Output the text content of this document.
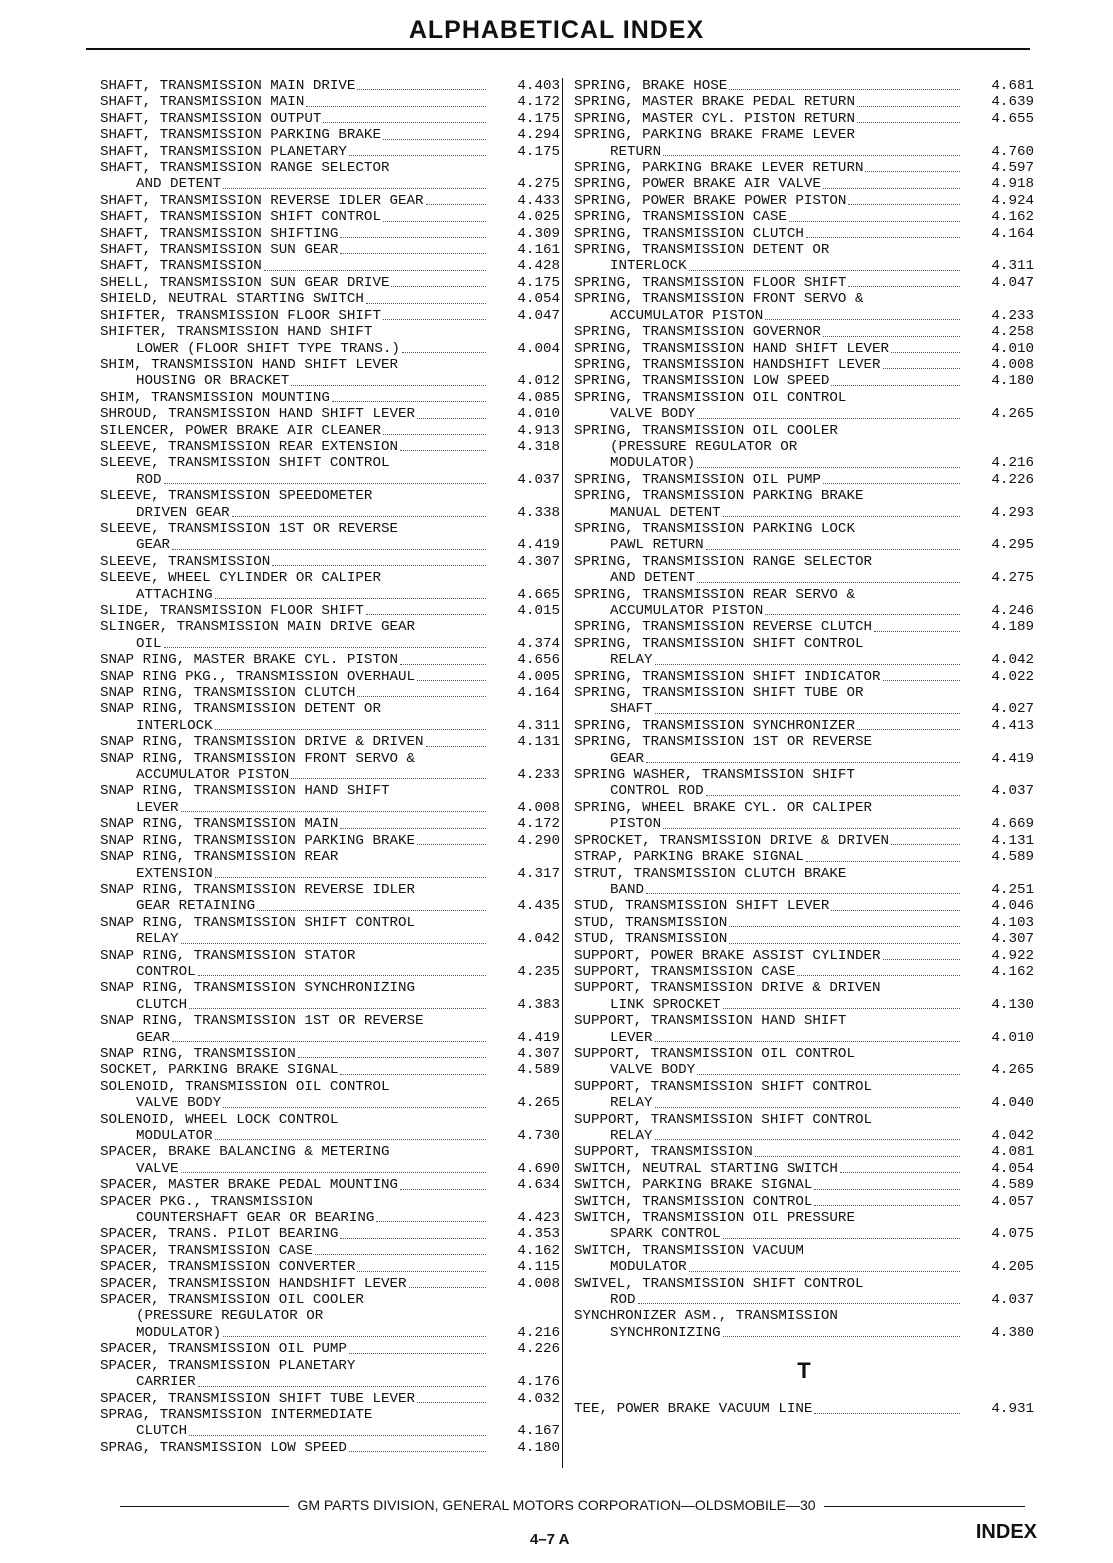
ALPHABETICAL INDEX
SHAFT, TRANSMISSION MAIN DRIVE	4.403
SHAFT, TRANSMISSION MAIN	4.172
SHAFT, TRANSMISSION OUTPUT	4.175
SHAFT, TRANSMISSION PARKING BRAKE	4.294
SHAFT, TRANSMISSION PLANETARY	4.175
SHAFT, TRANSMISSION RANGE SELECTOR
AND DETENT	4.275
SHAFT, TRANSMISSION REVERSE IDLER GEAR	4.433
SHAFT, TRANSMISSION SHIFT CONTROL	4.025
SHAFT, TRANSMISSION SHIFTING	4.309
SHAFT, TRANSMISSION SUN GEAR	4.161
SHAFT, TRANSMISSION	4.428
SHELL, TRANSMISSION SUN GEAR DRIVE	4.175
SHIELD, NEUTRAL STARTING SWITCH	4.054
SHIFTER, TRANSMISSION FLOOR SHIFT	4.047
SHIFTER, TRANSMISSION HAND SHIFT
LOWER (FLOOR SHIFT TYPE TRANS.)	4.004
SHIM, TRANSMISSION HAND SHIFT LEVER
HOUSING OR BRACKET	4.012
SHIM, TRANSMISSION MOUNTING	4.085
SHROUD, TRANSMISSION HAND SHIFT LEVER	4.010
SILENCER, POWER BRAKE AIR CLEANER	4.913
SLEEVE, TRANSMISSION REAR EXTENSION	4.318
SLEEVE, TRANSMISSION SHIFT CONTROL
ROD	4.037
SLEEVE, TRANSMISSION SPEEDOMETER
DRIVEN GEAR	4.338
SLEEVE, TRANSMISSION 1ST OR REVERSE
GEAR	4.419
SLEEVE, TRANSMISSION	4.307
SLEEVE, WHEEL CYLINDER OR CALIPER
ATTACHING	4.665
SLIDE, TRANSMISSION FLOOR SHIFT	4.015
SLINGER, TRANSMISSION MAIN DRIVE GEAR
OIL	4.374
SNAP RING, MASTER BRAKE CYL. PISTON	4.656
SNAP RING PKG., TRANSMISSION OVERHAUL	4.005
SNAP RING, TRANSMISSION CLUTCH	4.164
SNAP RING, TRANSMISSION DETENT OR
INTERLOCK	4.311
SNAP RING, TRANSMISSION DRIVE & DRIVEN	4.131
SNAP RING, TRANSMISSION FRONT SERVO &
ACCUMULATOR PISTON	4.233
SNAP RING, TRANSMISSION HAND SHIFT
LEVER	4.008
SNAP RING, TRANSMISSION MAIN	4.172
SNAP RING, TRANSMISSION PARKING BRAKE	4.290
SNAP RING, TRANSMISSION REAR
EXTENSION	4.317
SNAP RING, TRANSMISSION REVERSE IDLER
GEAR RETAINING	4.435
SNAP RING, TRANSMISSION SHIFT CONTROL
RELAY	4.042
SNAP RING, TRANSMISSION STATOR
CONTROL	4.235
SNAP RING, TRANSMISSION SYNCHRONIZING
CLUTCH	4.383
SNAP RING, TRANSMISSION 1ST OR REVERSE
GEAR	4.419
SNAP RING, TRANSMISSION	4.307
SOCKET, PARKING BRAKE SIGNAL	4.589
SOLENOID, TRANSMISSION OIL CONTROL
VALVE BODY	4.265
SOLENOID, WHEEL LOCK CONTROL
MODULATOR	4.730
SPACER, BRAKE BALANCING & METERING
VALVE	4.690
SPACER, MASTER BRAKE PEDAL MOUNTING	4.634
SPACER PKG., TRANSMISSION
COUNTERSHAFT GEAR OR BEARING	4.423
SPACER, TRANS. PILOT BEARING	4.353
SPACER, TRANSMISSION CASE	4.162
SPACER, TRANSMISSION CONVERTER	4.115
SPACER, TRANSMISSION HANDSHIFT LEVER	4.008
SPACER, TRANSMISSION OIL COOLER
(PRESSURE REGULATOR OR
MODULATOR)	4.216
SPACER, TRANSMISSION OIL PUMP	4.226
SPACER, TRANSMISSION PLANETARY
CARRIER	4.176
SPACER, TRANSMISSION SHIFT TUBE LEVER	4.032
SPRAG, TRANSMISSION INTERMEDIATE
CLUTCH	4.167
SPRAG, TRANSMISSION LOW SPEED	4.180
SPRING, BRAKE HOSE	4.681
SPRING, MASTER BRAKE PEDAL RETURN	4.639
SPRING, MASTER CYL. PISTON RETURN	4.655
SPRING, PARKING BRAKE FRAME LEVER
RETURN	4.760
SPRING, PARKING BRAKE LEVER RETURN	4.597
SPRING, POWER BRAKE AIR VALVE	4.918
SPRING, POWER BRAKE POWER PISTON	4.924
SPRING, TRANSMISSION CASE	4.162
SPRING, TRANSMISSION CLUTCH	4.164
SPRING, TRANSMISSION DETENT OR
INTERLOCK	4.311
SPRING, TRANSMISSION FLOOR SHIFT	4.047
SPRING, TRANSMISSION FRONT SERVO &
ACCUMULATOR PISTON	4.233
SPRING, TRANSMISSION GOVERNOR	4.258
SPRING, TRANSMISSION HAND SHIFT LEVER	4.010
SPRING, TRANSMISSION HANDSHIFT LEVER	4.008
SPRING, TRANSMISSION LOW SPEED	4.180
SPRING, TRANSMISSION OIL CONTROL
VALVE BODY	4.265
SPRING, TRANSMISSION OIL COOLER
(PRESSURE REGULATOR OR
MODULATOR)	4.216
SPRING, TRANSMISSION OIL PUMP	4.226
SPRING, TRANSMISSION PARKING BRAKE
MANUAL DETENT	4.293
SPRING, TRANSMISSION PARKING LOCK
PAWL RETURN	4.295
SPRING, TRANSMISSION RANGE SELECTOR
AND DETENT	4.275
SPRING, TRANSMISSION REAR SERVO &
ACCUMULATOR PISTON	4.246
SPRING, TRANSMISSION REVERSE CLUTCH	4.189
SPRING, TRANSMISSION SHIFT CONTROL
RELAY	4.042
SPRING, TRANSMISSION SHIFT INDICATOR	4.022
SPRING, TRANSMISSION SHIFT TUBE OR
SHAFT	4.027
SPRING, TRANSMISSION SYNCHRONIZER	4.413
SPRING, TRANSMISSION 1ST OR REVERSE
GEAR	4.419
SPRING WASHER, TRANSMISSION SHIFT
CONTROL ROD	4.037
SPRING, WHEEL BRAKE CYL. OR CALIPER
PISTON	4.669
SPROCKET, TRANSMISSION DRIVE & DRIVEN	4.131
STRAP, PARKING BRAKE SIGNAL	4.589
STRUT, TRANSMISSION CLUTCH BRAKE
BAND	4.251
STUD, TRANSMISSION SHIFT LEVER	4.046
STUD, TRANSMISSION	4.103
STUD, TRANSMISSION	4.307
SUPPORT, POWER BRAKE ASSIST CYLINDER	4.922
SUPPORT, TRANSMISSION CASE	4.162
SUPPORT, TRANSMISSION DRIVE & DRIVEN
LINK SPROCKET	4.130
SUPPORT, TRANSMISSION HAND SHIFT
LEVER	4.010
SUPPORT, TRANSMISSION OIL CONTROL
VALVE BODY	4.265
SUPPORT, TRANSMISSION SHIFT CONTROL
RELAY	4.040
SUPPORT, TRANSMISSION SHIFT CONTROL
RELAY	4.042
SUPPORT, TRANSMISSION	4.081
SWITCH, NEUTRAL STARTING SWITCH	4.054
SWITCH, PARKING BRAKE SIGNAL	4.589
SWITCH, TRANSMISSION CONTROL	4.057
SWITCH, TRANSMISSION OIL PRESSURE
SPARK CONTROL	4.075
SWITCH, TRANSMISSION VACUUM
MODULATOR	4.205
SWIVEL, TRANSMISSION SHIFT CONTROL
ROD	4.037
SYNCHRONIZER ASM., TRANSMISSION
SYNCHRONIZING	4.380
T
TEE, POWER BRAKE VACUUM LINE	4.931
GM PARTS DIVISION, GENERAL MOTORS CORPORATION—OLDSMOBILE—30
4–7 A	INDEX
